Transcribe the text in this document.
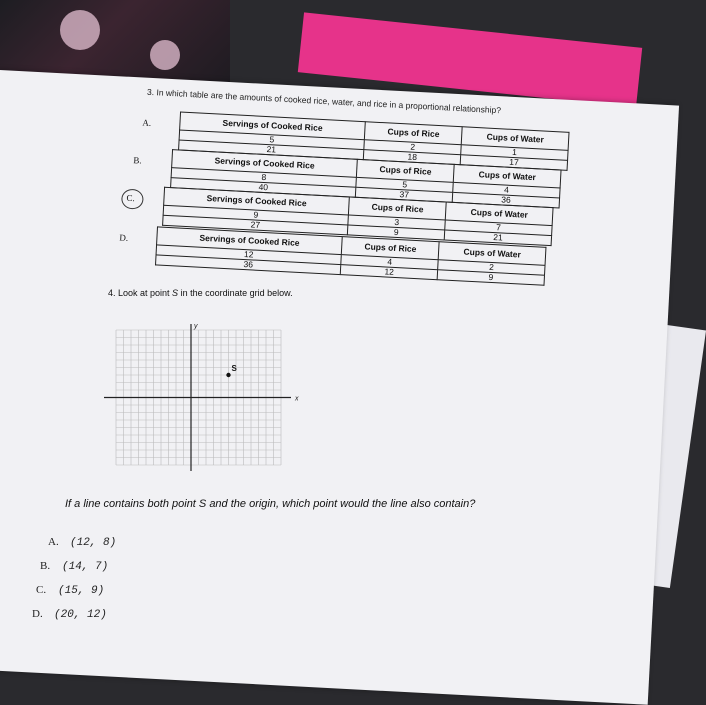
3. In which table are the amounts of cooked rice, water, and rice in a proportional relationship?
A.	Servings of Cooked Rice	Cups of Rice	Cups of Water
5	2	1
21	18	17
B.	Servings of Cooked Rice	Cups of Rice	Cups of Water
8	5	4
40	37	36
C.	Servings of Cooked Rice	Cups of Rice	Cups of Water
9	3	7
27	9	21
D.	Servings of Cooked Rice	Cups of Rice	Cups of Water
12	4	2
36	12	9
4. Look at point S in the coordinate grid below.
x
y
S
If a line contains both point S and the origin, which point would the line also contain?
A. (12, 8)
B. (14, 7)
C. (15, 9)
D. (20, 12)
